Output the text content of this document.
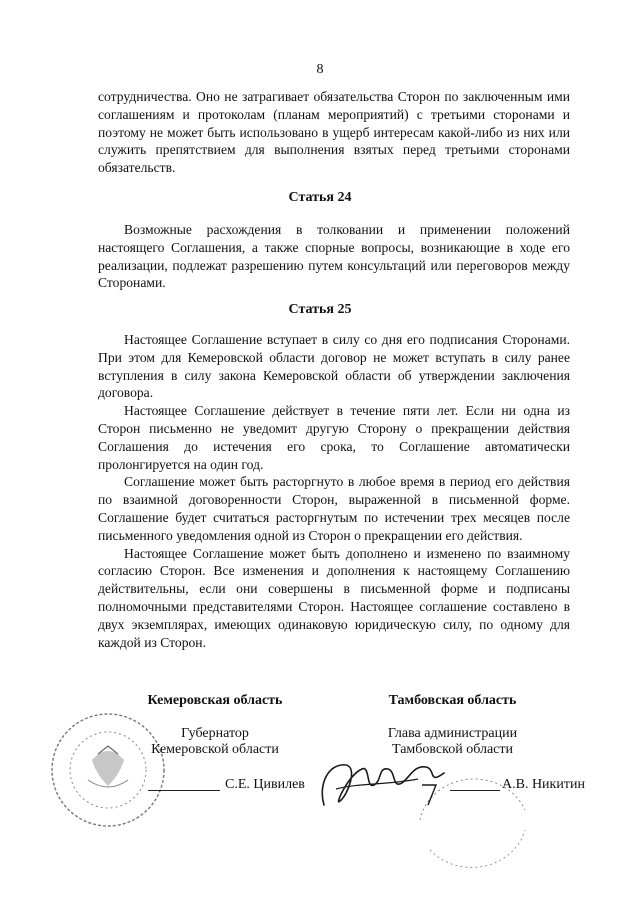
8

сотрудничества. Оно не затрагивает обязательства Сторон по заключенным ими соглашениям и протоколам (планам мероприятий) с третьими сторонами и поэтому не может быть использовано в ущерб интересам какой-либо из них или служить препятствием для выполнения взятых перед третьими сторонами обязательств.

Статья 24

Возможные расхождения в толковании и применении положений настоящего Соглашения, а также спорные вопросы, возникающие в ходе его реализации, подлежат разрешению путем консультаций или переговоров между Сторонами.

Статья 25

Настоящее Соглашение вступает в силу со дня его подписания Сторонами. При этом для Кемеровской области договор не может вступать в силу ранее вступления в силу закона Кемеровской области об утверждении заключения договора.

Настоящее Соглашение действует в течение пяти лет. Если ни одна из Сторон письменно не уведомит другую Сторону о прекращении действия Соглашения до истечения его срока, то Соглашение автоматически пролонгируется на один год.

Соглашение может быть расторгнуто в любое время в период его действия по взаимной договоренности Сторон, выраженной в письменной форме. Соглашение будет считаться расторгнутым по истечении трех месяцев после письменного уведомления одной из Сторон о прекращении его действия.

Настоящее Соглашение может быть дополнено и изменено по взаимному согласию Сторон. Все изменения и дополнения к настоящему Соглашению действительны, если они совершены в письменной форме и подписаны полномочными представителями Сторон. Настоящее соглашение составлено в двух экземплярах, имеющих одинаковую юридическую силу, по одному для каждой из Сторон.

Кемеровская область
Губернатор
Кемеровской области
С.Е. Цивилев
Тамбовская область
Глава администрации
Тамбовской области
А.В. Никитин
